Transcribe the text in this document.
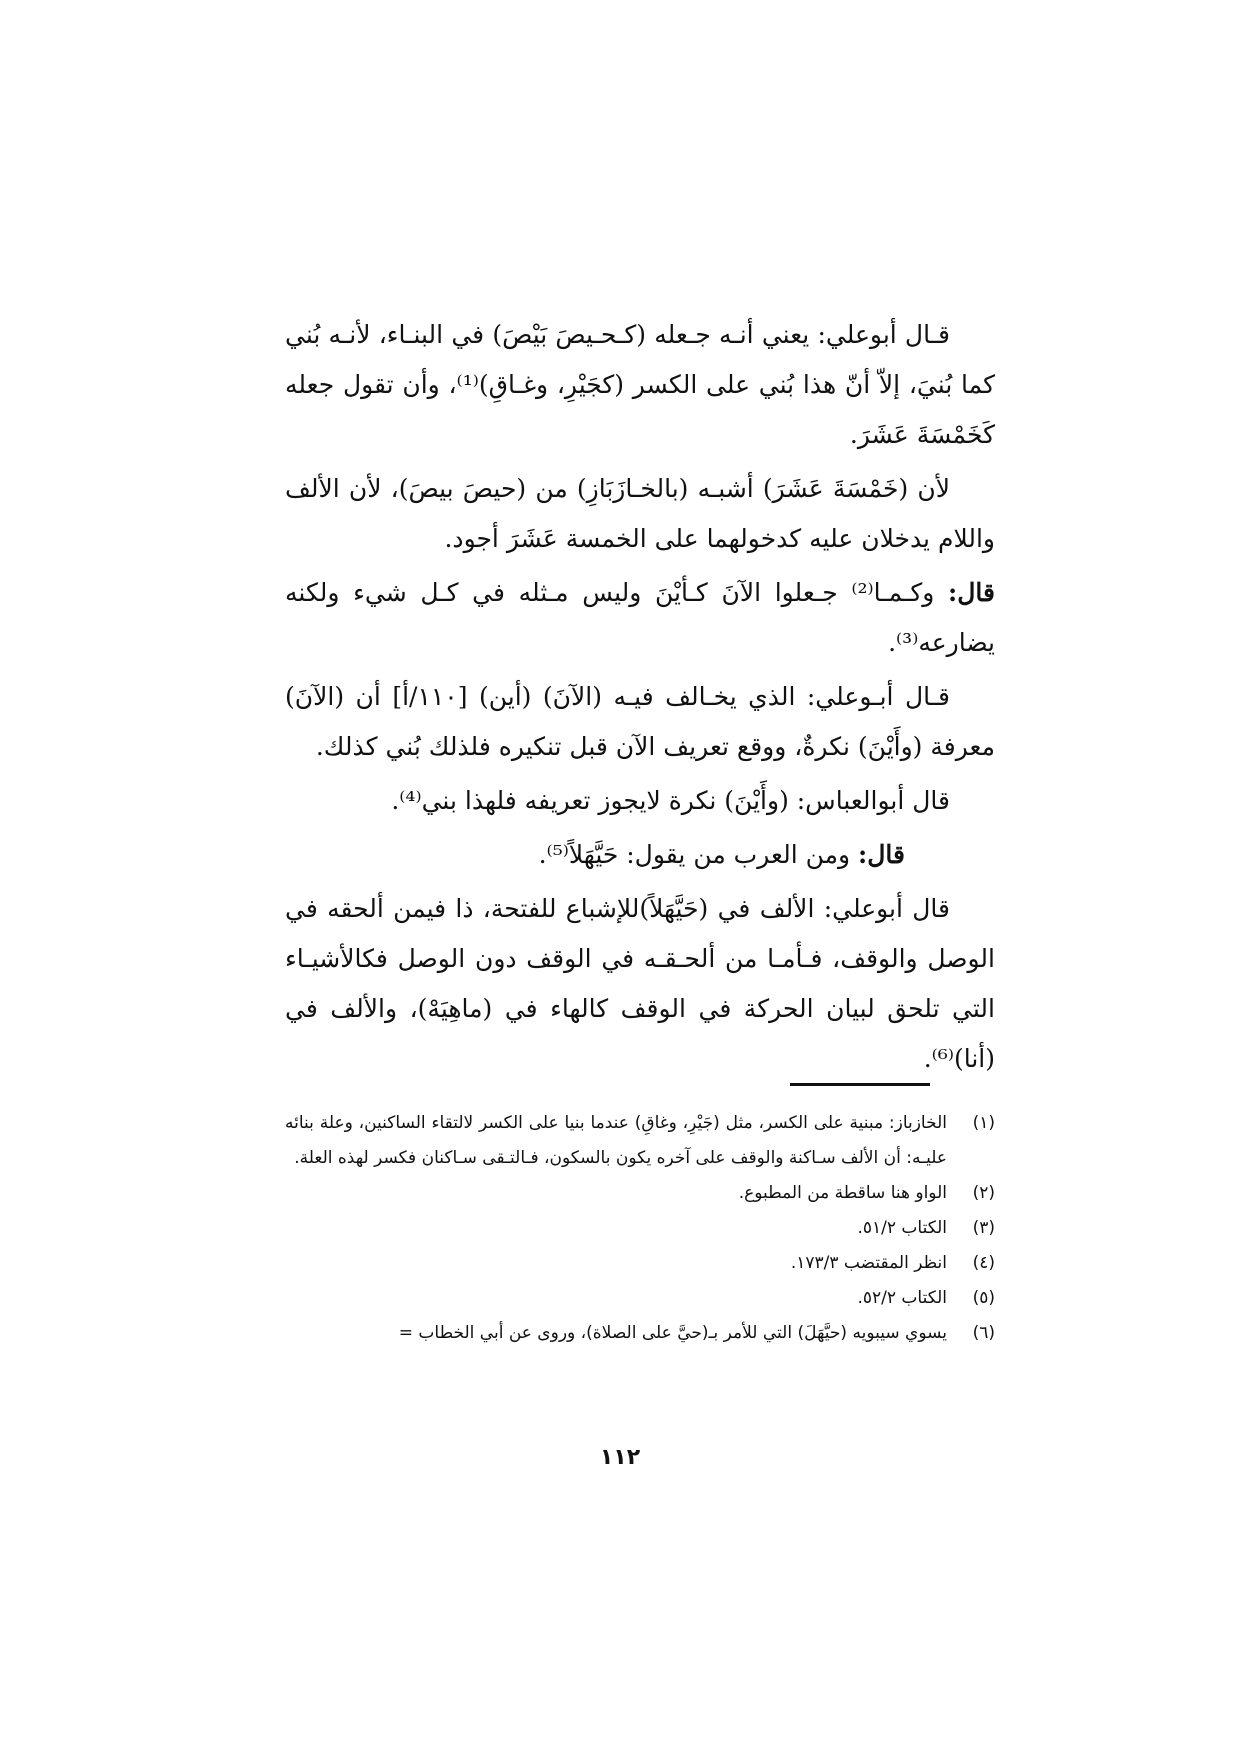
قـال أبوعلي: يعني أنـه جـعله (كـحـيصَ بَيْصَ) في البنـاء، لأنـه بُني كما بُنيَ، إلاّ أنّ هذا بُني على الكسر (كجَيْرِ، وغـاقِ)⁽¹⁾، وأن تقول جعله كَخَمْسَةَ عَشَرَ.

لأن (خَمْسَةَ عَشَرَ) أشبـه (بالخـازَبَازِ) من (حيصَ بيصَ)، لأن الألف واللام يدخلان عليه كدخولهما على الخمسة عَشَرَ أجود.

قال: وكـمـا⁽²⁾ جـعلوا الآنَ كـأيْنَ وليس مـثله في كـل شيء ولكنه يضارعه⁽³⁾.

قـال أبـوعلي: الذي يخـالف فيـه (الآنَ) (أين) [١١٠/أ] أن (الآنَ) معرفة (وأَيْنَ) نكرةٌ، ووقع تعريف الآن قبل تنكيره فلذلك بُني كذلك.

قال أبوالعباس: (وأَيْنَ) نكرة لايجوز تعريفه فلهذا بني⁽⁴⁾.

قال: ومن العرب من يقول: حَيَّهَلاً⁽⁵⁾.

قال أبوعلي: الألف في (حَيَّهَلاً)للإشباع للفتحة، ذا فيمن ألحقه في الوصل والوقف، فـأمـا من ألحـقـه في الوقف دون الوصل فكالأشيـاء التي تلحق لبيان الحركة في الوقف كالهاء في (ماهِيَهْ)، والألف في (أنا)⁽⁶⁾.

(١)
الخازباز: مبنية على الكسر، مثل (جَيْرِ، وغاقِ) عندما بنيا على الكسر لالتقاء الساكنين، وعلة بنائه عليـه: أن الألف سـاكنة والوقف على آخره يكون بالسكون، فـالتـقى سـاكنان فكسر لهذه العلة.
(٢)
الواو هنا ساقطة من المطبوع.
(٣)
الكتاب ٥١/٢.
(٤)
انظر المقتضب ١٧٣/٣.
(٥)
الكتاب ٥٢/٢.
(٦)
يسوي سيبويه (حيَّهَلَ) التي للأمر بـ(حيَّ على الصلاة)، وروى عن أبي الخطاب =
١١٢
